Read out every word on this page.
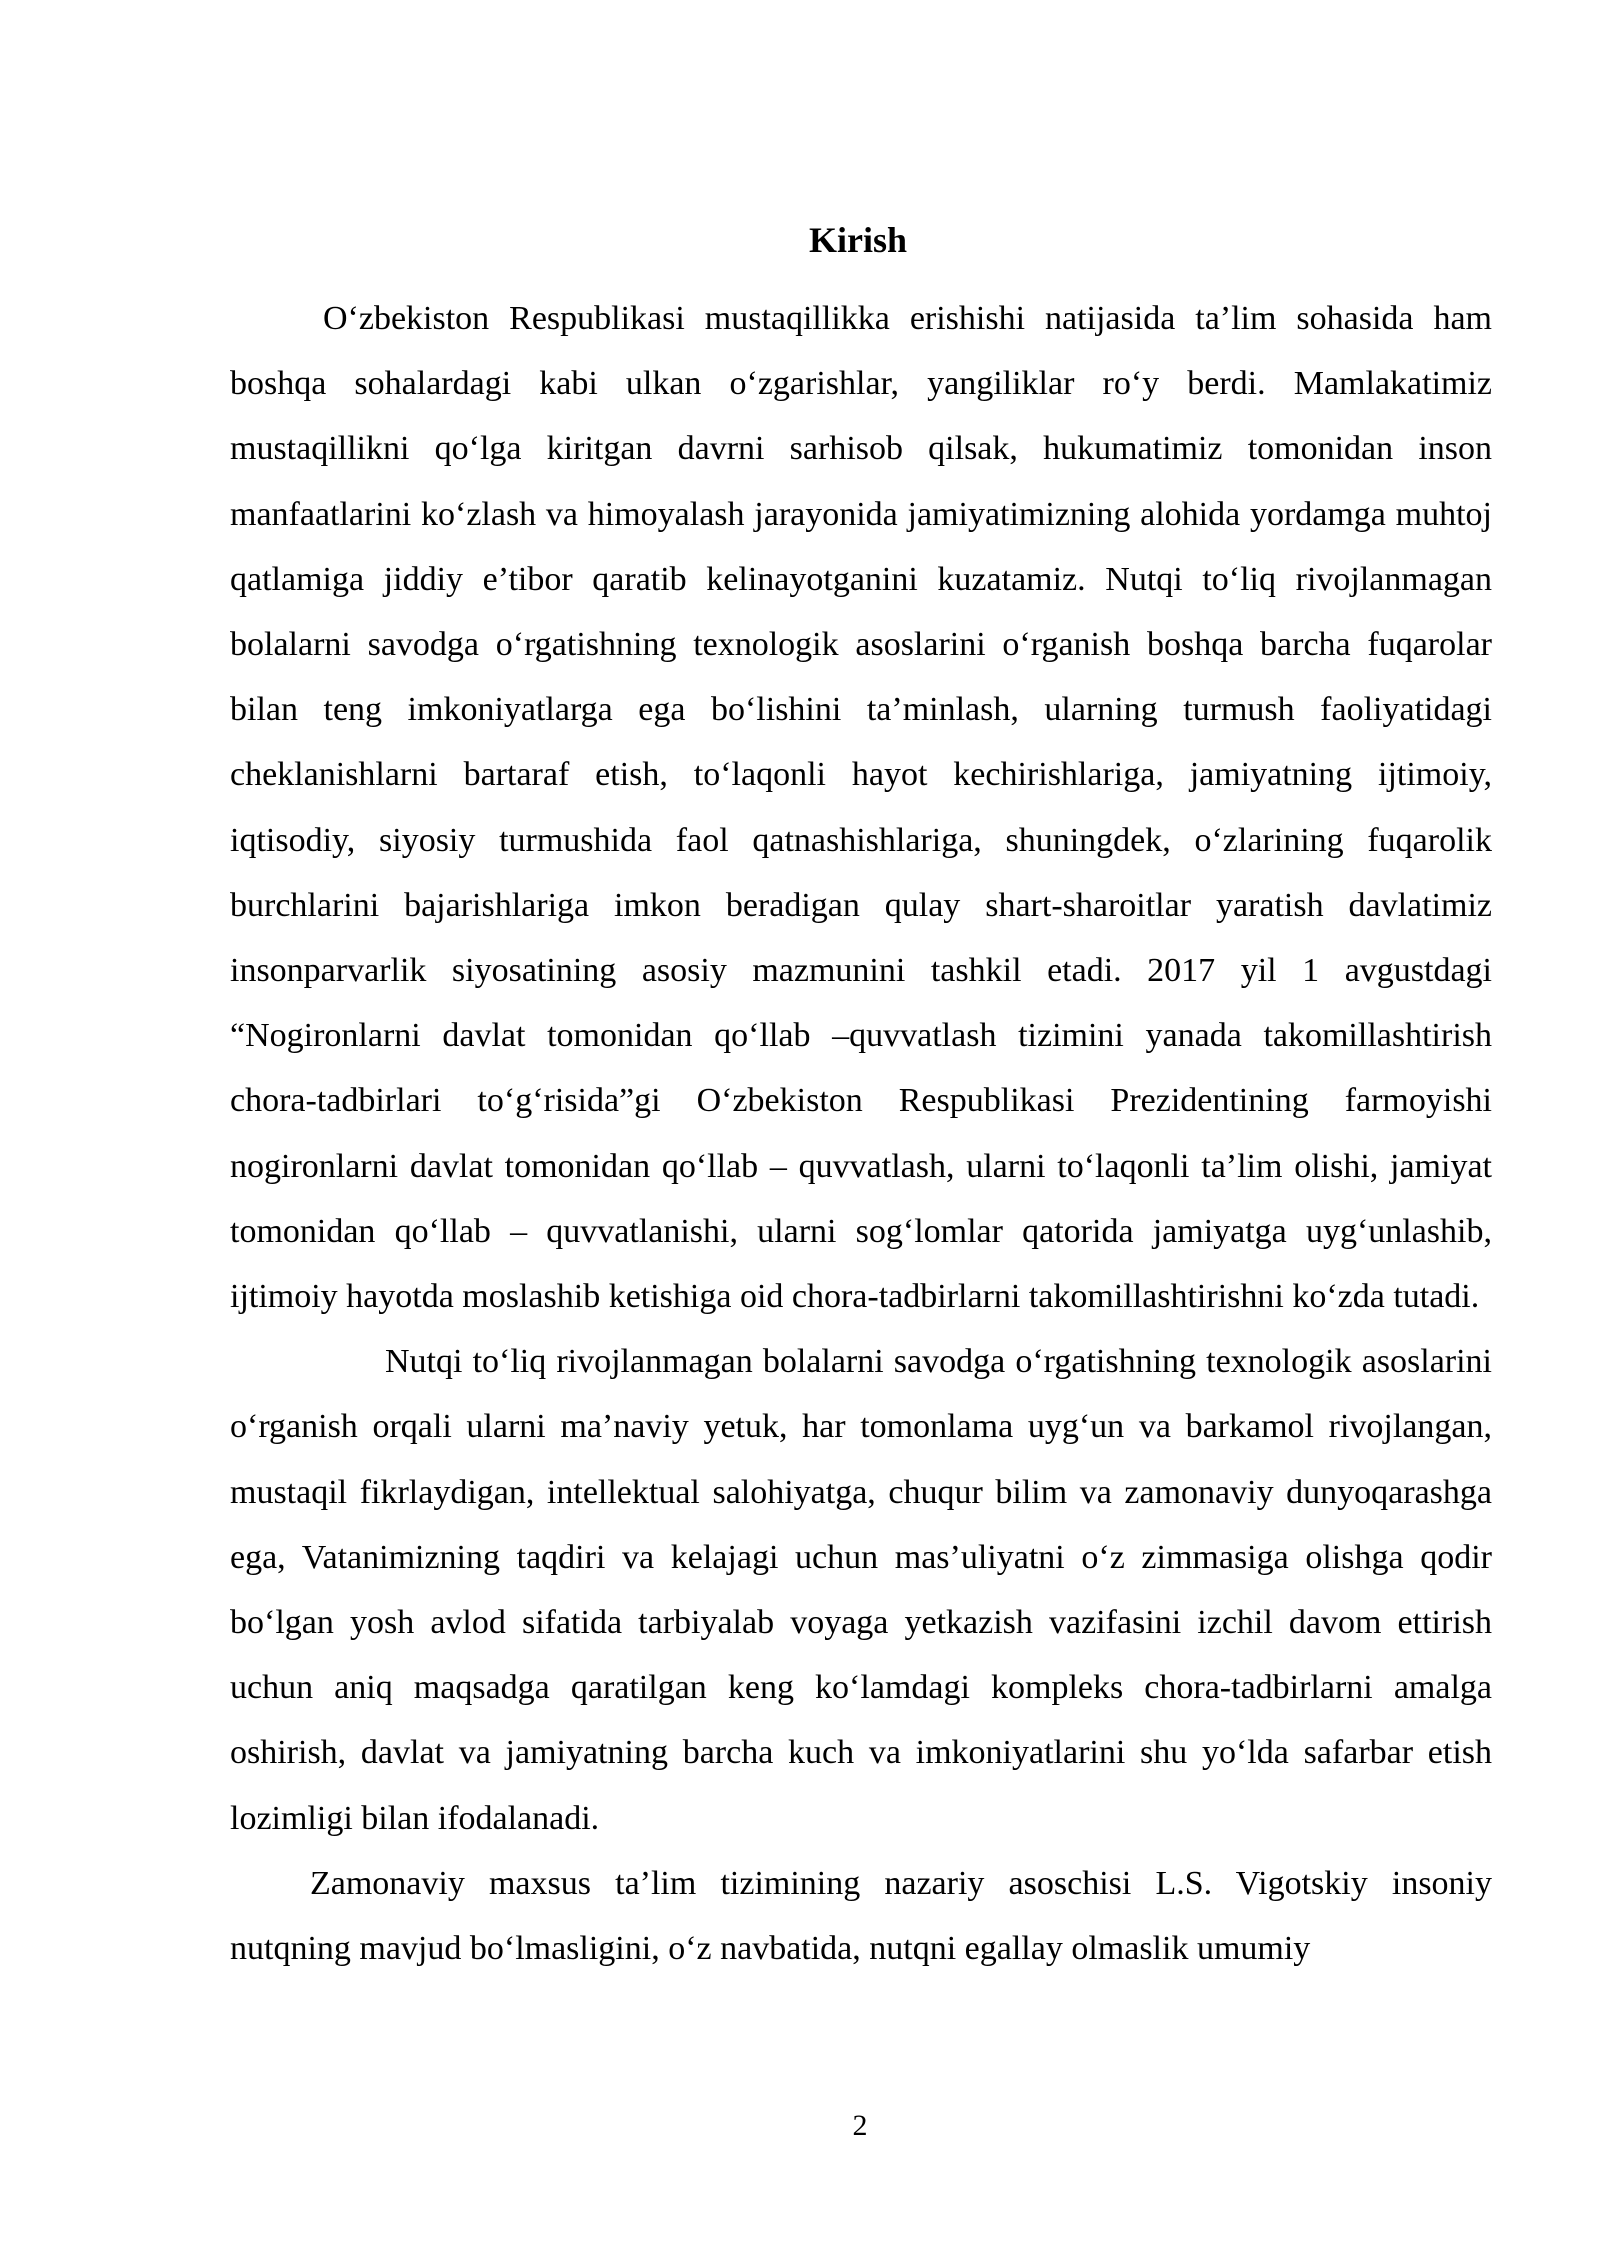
Kirish

O‘zbekiston Respublikasi mustaqillikka erishishi natijasida ta’lim sohasida ham boshqa sohalardagi kabi ulkan o‘zgarishlar, yangiliklar ro‘y berdi. Mamlakatimiz mustaqillikni qo‘lga kiritgan davrni sarhisob qilsak, hukumatimiz tomonidan inson manfaatlarini ko‘zlash va himoyalash jarayonida jamiyatimizning alohida yordamga muhtoj qatlamiga jiddiy e’tibor qaratib kelinayotganini kuzatamiz. Nutqi to‘liq rivojlanmagan bolalarni savodga o‘rgatishning texnologik asoslarini o‘rganish boshqa barcha fuqarolar bilan teng imkoniyatlarga ega bo‘lishini ta’minlash, ularning turmush faoliyatidagi cheklanishlarni bartaraf etish, to‘laqonli hayot kechirishlariga, jamiyatning ijtimoiy, iqtisodiy, siyosiy turmushida faol qatnashishlariga, shuningdek, o‘zlarining fuqarolik burchlarini bajarishlariga imkon beradigan qulay shart-sharoitlar yaratish davlatimiz insonparvarlik siyosatining asosiy mazmunini tashkil etadi. 2017 yil 1 avgustdagi “Nogironlarni davlat tomonidan qo‘llab –quvvatlash tizimini yanada takomillashtirish chora-tadbirlari to‘g‘risida”gi O‘zbekiston Respublikasi Prezidentining farmoyishi nogironlarni davlat tomonidan qo‘llab – quvvatlash, ularni to‘laqonli ta’lim olishi, jamiyat tomonidan qo‘llab – quvvatlanishi, ularni sog‘lomlar qatorida jamiyatga uyg‘unlashib, ijtimoiy hayotda moslashib ketishiga oid chora-tadbirlarni takomillashtirishni ko‘zda tutadi.

Nutqi to‘liq rivojlanmagan bolalarni savodga o‘rgatishning texnologik asoslarini o‘rganish orqali ularni ma’naviy yetuk, har tomonlama uyg‘un va barkamol rivojlangan, mustaqil fikrlaydigan, intellektual salohiyatga, chuqur bilim va zamonaviy dunyoqarashga ega, Vatanimizning taqdiri va kelajagi uchun mas’uliyatni o‘z zimmasiga olishga qodir bo‘lgan yosh avlod sifatida tarbiyalab voyaga yetkazish vazifasini izchil davom ettirish uchun aniq maqsadga qaratilgan keng ko‘lamdagi kompleks chora-tadbirlarni amalga oshirish, davlat va jamiyatning barcha kuch va imkoniyatlarini shu yo‘lda safarbar etish lozimligi bilan ifodalanadi.

Zamonaviy maxsus ta’lim tizimining nazariy asoschisi L.S. Vigotskiy insoniy nutqning mavjud bo‘lmasligini, o‘z navbatida, nutqni egallay olmaslik umumiy

2
